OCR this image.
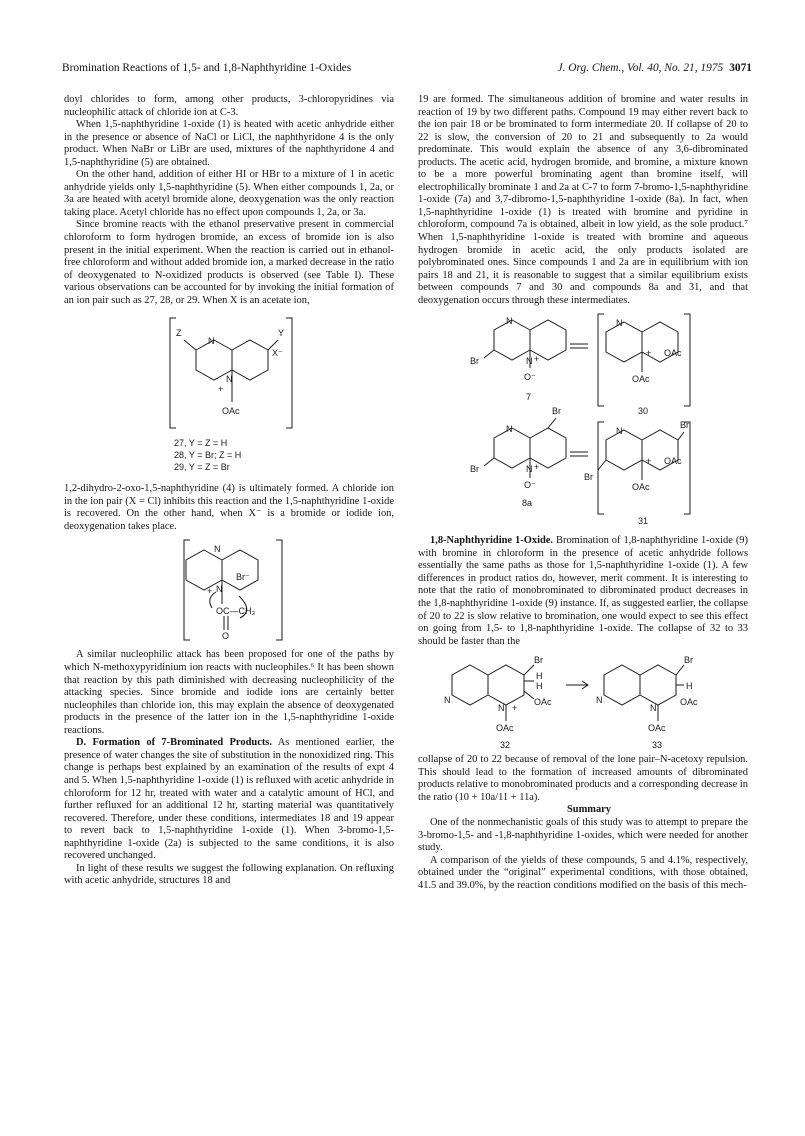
Bromination Reactions of 1,5- and 1,8-Naphthyridine 1-Oxides	J. Org. Chem., Vol. 40, No. 21, 1975 3071

doyl chlorides to form, among other products, 3-chloropyridines via nucleophilic attack of chloride ion at C-3.

When 1,5-naphthyridine 1-oxide (1) is heated with acetic anhydride either in the presence or absence of NaCl or LiCl, the naphthyridone 4 is the only product. When NaBr or LiBr are used, mixtures of the naphthyridone 4 and 1,5-naphthyridine (5) are obtained.

On the other hand, addition of either HI or HBr to a mixture of 1 in acetic anhydride yields only 1,5-naphthyridine (5). When either compounds 1, 2a, or 3a are heated with acetyl bromide alone, deoxygenation was the only reaction taking place. Acetyl chloride has no effect upon compounds 1, 2a, or 3a.

Since bromine reacts with the ethanol preservative present in commercial chloroform to form hydrogen bromide, an excess of bromide ion is also present in the initial experiment. When the reaction is carried out in ethanol-free chloroform and without added bromide ion, a marked decrease in the ratio of deoxygenated to N-oxidized products is observed (see Table I). These various observations can be accounted for by invoking the initial formation of an ion pair such as 27, 28, or 29. When X is an acetate ion,

Z
N
Y
X⁻
N
+
OAc
27, Y = Z = H
28, Y = Br; Z = H
29, Y = Z = Br

1,2-dihydro-2-oxo-1,5-naphthyridine (4) is ultimately formed. A chloride ion in the ion pair (X = Cl) inhibits this reaction and the 1,5-naphthyridine 1-oxide is recovered. On the other hand, when X⁻ is a bromide or iodide ion, deoxygenation takes place.

N
Br⁻
N
+
OC—CH₃
O

A similar nucleophilic attack has been proposed for one of the paths by which N-methoxypyridinium ion reacts with nucleophiles.⁶ It has been shown that reaction by this path diminished with decreasing nucleophilicity of the attacking species. Since bromide and iodide ions are certainly better nucleophiles than chloride ion, this may explain the absence of deoxygenated products in the presence of the latter ion in the 1,5-naphthyridine 1-oxide reactions.

D. Formation of 7-Brominated Products. As mentioned earlier, the presence of water changes the site of substitution in the nonoxidized ring. This change is perhaps best explained by an examination of the results of expt 4 and 5. When 1,5-naphthyridine 1-oxide (1) is refluxed with acetic anhydride in chloroform for 12 hr, treated with water and a catalytic amount of HCl, and further refluxed for an additional 12 hr, starting material was quantitatively recovered. Therefore, under these conditions, intermediates 18 and 19 appear to revert back to 1,5-naphthyridine 1-oxide (1). When 3-bromo-1,5-naphthyridine 1-oxide (2a) is subjected to the same conditions, it is also recovered unchanged.

In light of these results we suggest the following explanation. On refluxing with acetic anhydride, structures 18 and

19 are formed. The simultaneous addition of bromine and water results in reaction of 19 by two different paths. Compound 19 may either revert back to the ion pair 18 or be brominated to form intermediate 20. If collapse of 20 to 22 is slow, the conversion of 20 to 21 and subsequently to 2a would predominate. This would explain the absence of any 3,6-dibrominated products. The acetic acid, hydrogen bromide, and bromine, a mixture known to be a more powerful brominating agent than bromine itself, will electrophilically brominate 1 and 2a at C-7 to form 7-bromo-1,5-naphthyridine 1-oxide (7a) and 3,7-dibromo-1,5-naphthyridine 1-oxide (8a). In fact, when 1,5-naphthyridine 1-oxide (1) is treated with bromine and pyridine in chloroform, compound 7a is obtained, albeit in low yield, as the sole product.⁷ When 1,5-naphthyridine 1-oxide is treated with bromine and aqueous hydrogen bromide in acetic acid, the only products isolated are polybrominated ones. Since compounds 1 and 2a are in equilibrium with ion pairs 18 and 21, it is reasonable to suggest that a similar equilibrium exists between compounds 7 and 30 and compounds 8a and 31, and that deoxygenation occurs through these intermediates.

N
Br	N +
O⁻
7
N
+ OAc
OAc
30
N
Br
Br
N +
O⁻
8a
N
Br
Br
+ OAc
OAc
31

1,8-Naphthyridine 1-Oxide. Bromination of 1,8-naphthyridine 1-oxide (9) with bromine in chloroform in the presence of acetic anhydride follows essentially the same paths as those for 1,5-naphthyridine 1-oxide (1). A few differences in product ratios do, however, merit comment. It is interesting to note that the ratio of monobrominated to dibrominated product decreases in the 1,8-naphthyridine 1-oxide (9) instance. If, as suggested earlier, the collapse of 20 to 22 is slow relative to bromination, one would expect to see this effect on going from 1,5- to 1,8-naphthyridine 1-oxide. The collapse of 32 to 33 should be faster than the

Br
H
H
OAc
N
N +
OAc
Br
H
OAc
N
N
OAc
32	33

collapse of 20 to 22 because of removal of the lone pair–N-acetoxy repulsion. This should lead to the formation of increased amounts of dibrominated products relative to monobrominated products and a corresponding decrease in the ratio (10 + 10a/11 + 11a).

Summary

One of the nonmechanistic goals of this study was to attempt to prepare the 3-bromo-1,5- and -1,8-naphthyridine 1-oxides, which were needed for another study.

A comparison of the yields of these compounds, 5 and 4.1%, respectively, obtained under the “original” experimental conditions, with those obtained, 41.5 and 39.0%, by the reaction conditions modified on the basis of this mech-
